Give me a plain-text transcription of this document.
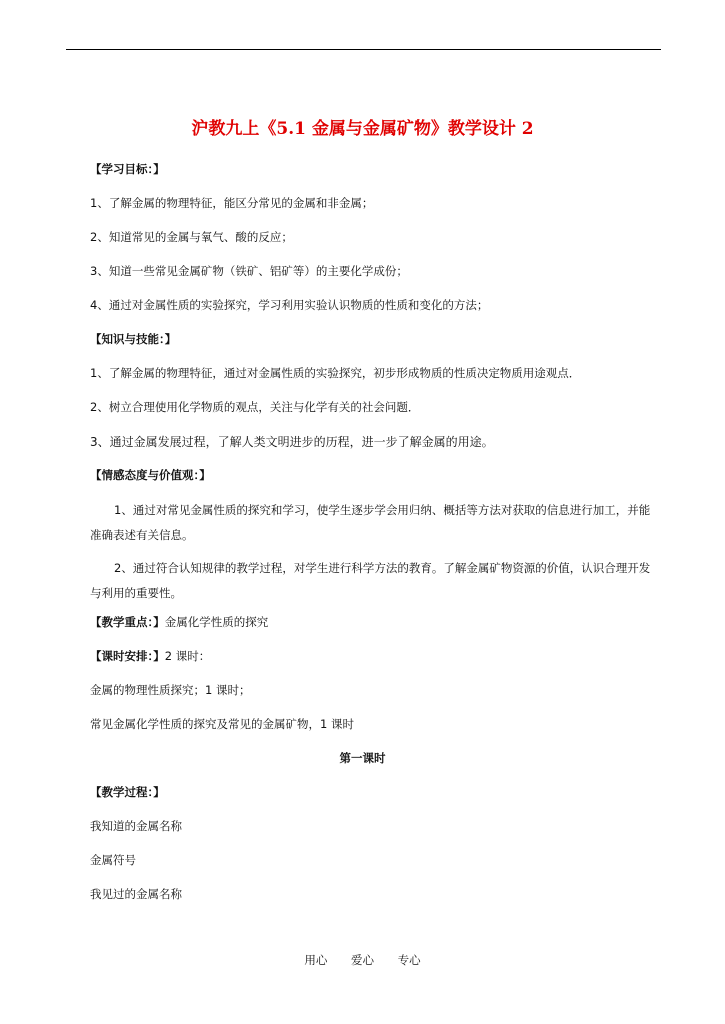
沪教九上《5.1 金属与金属矿物》教学设计 2
【学习目标：】
1、了解金属的物理特征，能区分常见的金属和非金属；
2、知道常见的金属与氧气、酸的反应；
3、知道一些常见金属矿物（铁矿、铝矿等）的主要化学成份；
4、通过对金属性质的实验探究，学习利用实验认识物质的性质和变化的方法；
【知识与技能：】
1、了解金属的物理特征，通过对金属性质的实验探究，初步形成物质的性质决定物质用途观点．
2、树立合理使用化学物质的观点，关注与化学有关的社会问题．
3、通过金属发展过程，了解人类文明进步的历程，进一步了解金属的用途。
【情感态度与价值观：】
1、通过对常见金属性质的探究和学习，使学生逐步学会用归纳、概括等方法对获取的信息进行加工，并能准确表述有关信息。
2、通过符合认知规律的教学过程，对学生进行科学方法的教育。了解金属矿物资源的价值，认识合理开发与利用的重要性。
【教学重点：】金属化学性质的探究
【课时安排：】2 课时：
金属的物理性质探究；1 课时；
常见金属化学性质的探究及常见的金属矿物，1 课时
第一课时
【教学过程：】
我知道的金属名称
金属符号
我见过的金属名称
用心 爱心 专心
